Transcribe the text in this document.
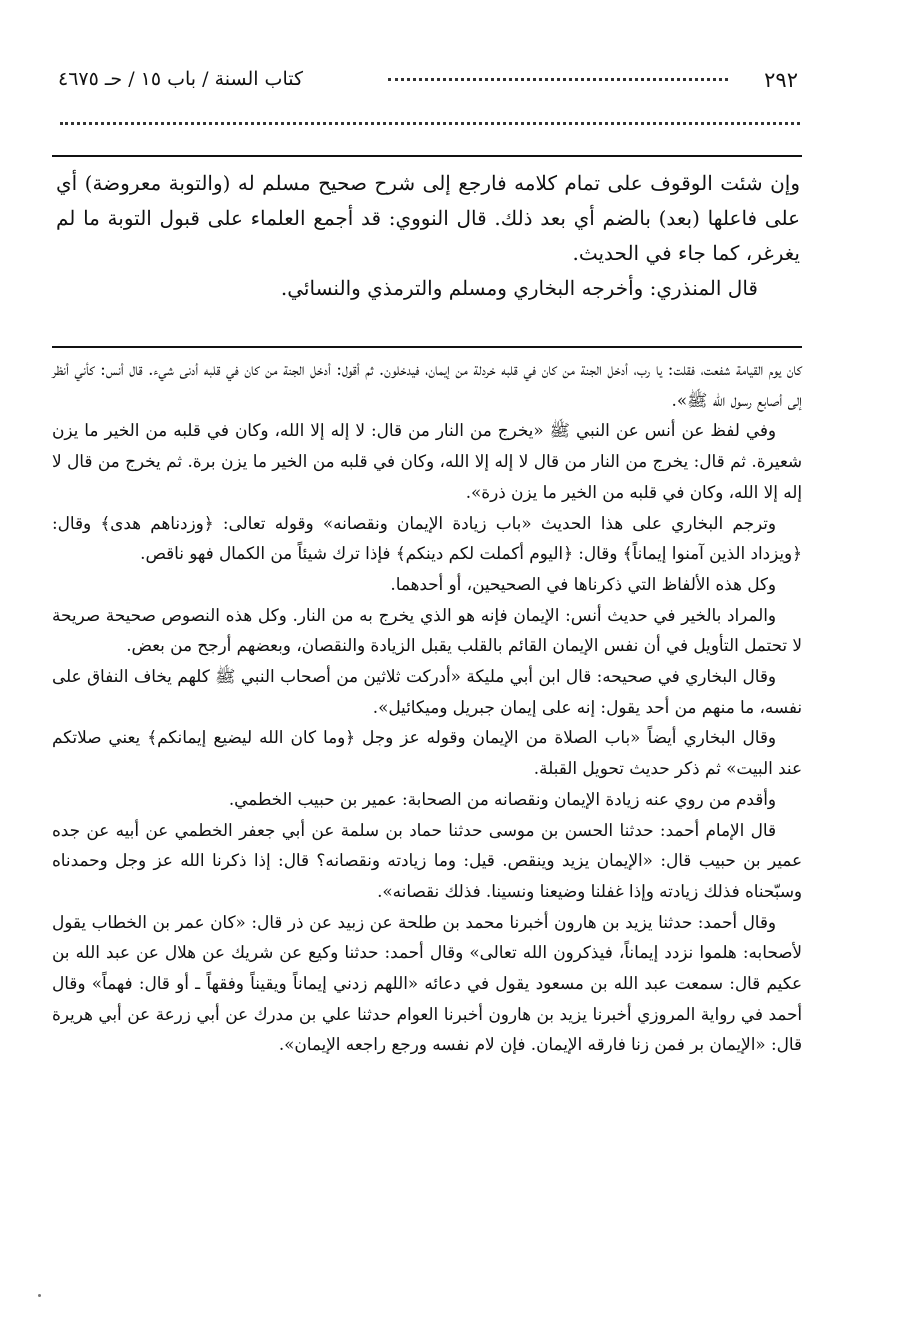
٢٩٢
كتاب السنة / باب ١٥ / حـ ٤٦٧٥

وإن شئت الوقوف على تمام كلامه فارجع إلى شرح صحيح مسلم له (والتوبة معروضة) أي على فاعلها (بعد) بالضم أي بعد ذلك. قال النووي: قد أجمع العلماء على قبول التوبة ما لم يغرغر، كما جاء في الحديث.

قال المنذري: وأخرجه البخاري ومسلم والترمذي والنسائي.

كان يوم القيامة شفعت، فقلت: يا رب، أدخل الجنة من كان في قلبه خردلة من إيمان، فيدخلون. ثم أقول: أدخل الجنة من كان في قلبه أدنى شيء. قال أنس: كأني أنظر إلى أصابع رسول الله ﷺ».

وفي لفظ عن أنس عن النبي ﷺ «يخرج من النار من قال: لا إله إلا الله، وكان في قلبه من الخير ما يزن شعيرة. ثم قال: يخرج من النار من قال لا إله إلا الله، وكان في قلبه من الخير ما يزن برة. ثم يخرج من قال لا إله إلا الله، وكان في قلبه من الخير ما يزن ذرة».

وترجم البخاري على هذا الحديث «باب زيادة الإيمان ونقصانه» وقوله تعالى: ﴿وزدناهم هدى﴾ وقال: ﴿ويزداد الذين آمنوا إيماناً﴾ وقال: ﴿اليوم أكملت لكم دينكم﴾ فإذا ترك شيئاً من الكمال فهو ناقص.

وكل هذه الألفاظ التي ذكرناها في الصحيحين، أو أحدهما.

والمراد بالخير في حديث أنس: الإيمان فإنه هو الذي يخرج به من النار. وكل هذه النصوص صحيحة صريحة لا تحتمل التأويل في أن نفس الإيمان القائم بالقلب يقبل الزيادة والنقصان، وبعضهم أرجح من بعض.

وقال البخاري في صحيحه: قال ابن أبي مليكة «أدركت ثلاثين من أصحاب النبي ﷺ كلهم يخاف النفاق على نفسه، ما منهم من أحد يقول: إنه على إيمان جبريل وميكائيل».

وقال البخاري أيضاً «باب الصلاة من الإيمان وقوله عز وجل ﴿وما كان الله ليضيع إيمانكم﴾ يعني صلاتكم عند البيت» ثم ذكر حديث تحويل القبلة.

وأقدم من روي عنه زيادة الإيمان ونقصانه من الصحابة: عمير بن حبيب الخطمي.

قال الإمام أحمد: حدثنا الحسن بن موسى حدثنا حماد بن سلمة عن أبي جعفر الخطمي عن أبيه عن جده عمير بن حبيب قال: «الإيمان يزيد وينقص. قيل: وما زيادته ونقصانه؟ قال: إذا ذكرنا الله عز وجل وحمدناه وسبّحناه فذلك زيادته وإذا غفلنا وضيعنا ونسينا. فذلك نقصانه».

وقال أحمد: حدثنا يزيد بن هارون أخبرنا محمد بن طلحة عن زبيد عن ذر قال: «كان عمر بن الخطاب يقول لأصحابه: هلموا نزدد إيماناً، فيذكرون الله تعالى» وقال أحمد: حدثنا وكيع عن شريك عن هلال عن عبد الله بن عكيم قال: سمعت عبد الله بن مسعود يقول في دعائه «اللهم زدني إيماناً ويقيناً وفقهاً ـ أو قال: فهماً» وقال أحمد في رواية المروزي أخبرنا يزيد بن هارون أخبرنا العوام حدثنا علي بن مدرك عن أبي زرعة عن أبي هريرة قال: «الإيمان بر فمن زنا فارقه الإيمان. فإن لام نفسه ورجع راجعه الإيمان».
